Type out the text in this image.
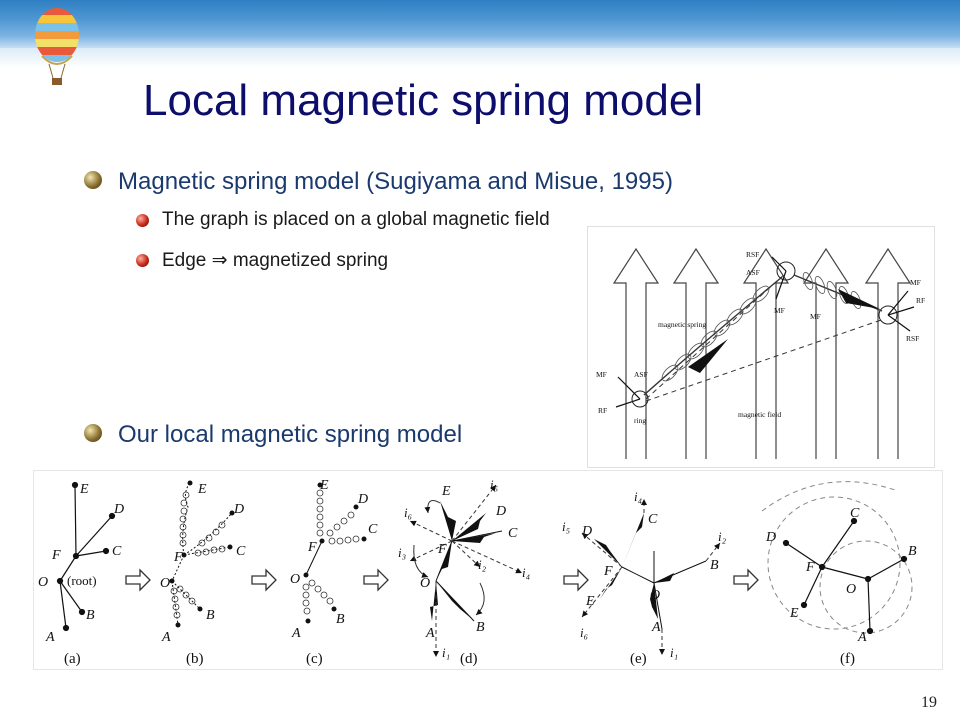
Local magnetic spring model
Magnetic spring model (Sugiyama and Misue, 1995)
The graph is placed on a global magnetic field
Edge ⇒ magnetized spring
Our local magnetic spring model
MF
RF
ASF
ring
magnetic spring
magnetic field
RSF
ASF
MF
MF
MF
RF
RSF
E
D
F	C
O
B
A
(root)
E
D
F	C
O
B
A
E
D
F
C
O
B
A
E
D
F
C
O
B
A
i₁
i₂
i₃
i₄
i₅
i₆
D
C
F	B
O
E
A
i₁
i₂
i₄
i₅
i₆
C
D
B
F
O
E
A
(a)	(b)	(c)	(d)	(e)	(f)
19
